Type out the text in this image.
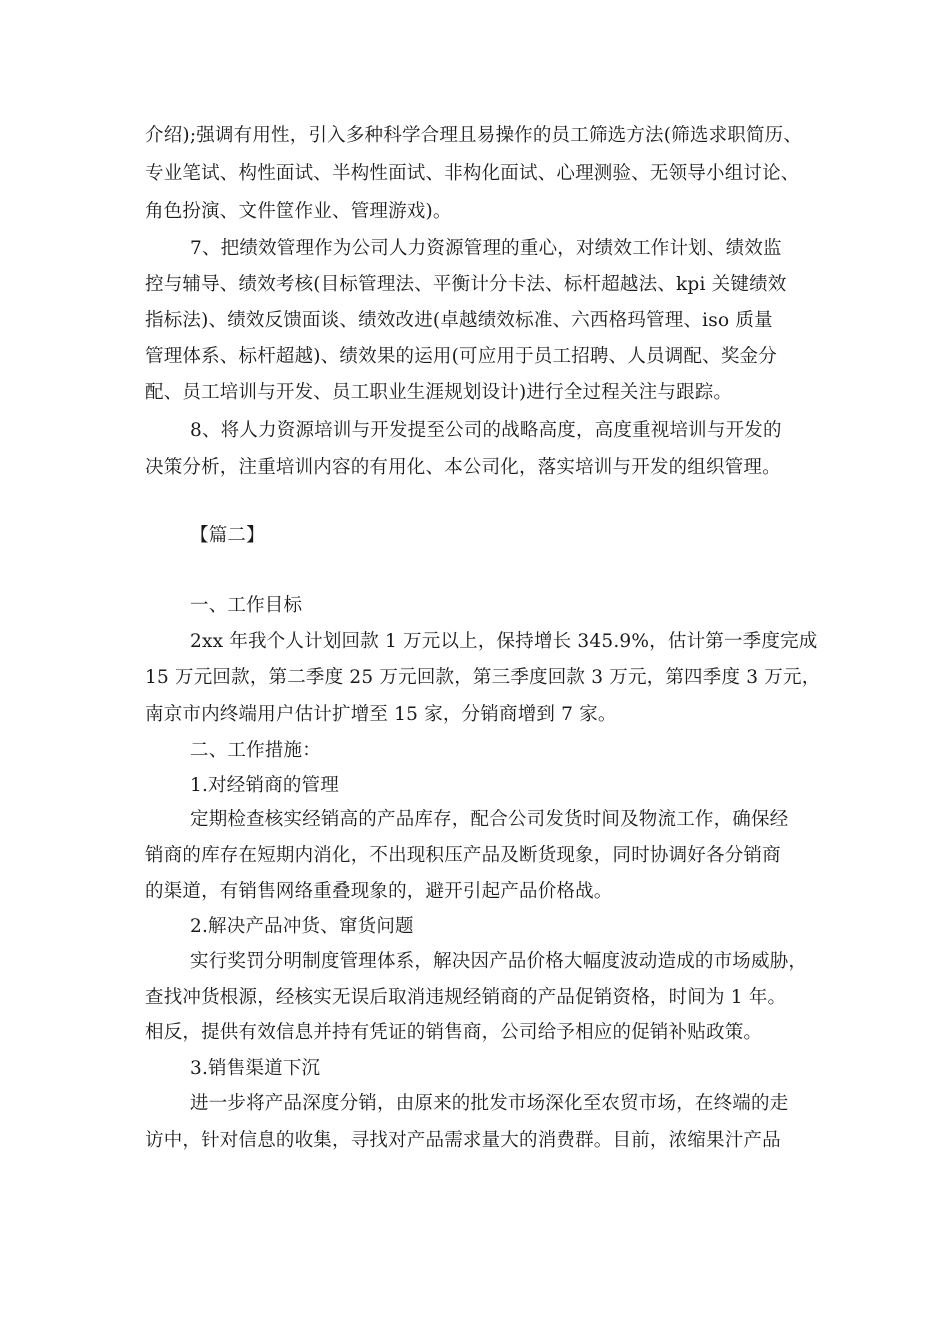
介绍);强调有用性，引入多种科学合理且易操作的员工筛选方法(筛选求职简历、
专业笔试、构性面试、半构性面试、非构化面试、心理测验、无领导小组讨论、
角色扮演、文件筐作业、管理游戏)。
7、把绩效管理作为公司人力资源管理的重心，对绩效工作计划、绩效监
控与辅导、绩效考核(目标管理法、平衡计分卡法、标杆超越法、kpi 关键绩效
指标法)、绩效反馈面谈、绩效改进(卓越绩效标准、六西格玛管理、iso 质量
管理体系、标杆超越)、绩效果的运用(可应用于员工招聘、人员调配、奖金分
配、员工培训与开发、员工职业生涯规划设计)进行全过程关注与跟踪。
8、将人力资源培训与开发提至公司的战略高度，高度重视培训与开发的
决策分析，注重培训内容的有用化、本公司化，落实培训与开发的组织管理。
【篇二】
一、工作目标
2xx 年我个人计划回款 1 万元以上，保持增长 345.9%，估计第一季度完成
15 万元回款，第二季度 25 万元回款，第三季度回款 3 万元，第四季度 3 万元，
南京市内终端用户估计扩增至 15 家，分销商增到 7 家。
二、工作措施：
1.对经销商的管理
定期检查核实经销高的产品库存，配合公司发货时间及物流工作，确保经
销商的库存在短期内消化，不出现积压产品及断货现象，同时协调好各分销商
的渠道，有销售网络重叠现象的，避开引起产品价格战。
2.解决产品冲货、窜货问题
实行奖罚分明制度管理体系，解决因产品价格大幅度波动造成的市场威胁，
查找冲货根源，经核实无误后取消违规经销商的产品促销资格，时间为 1 年。
相反，提供有效信息并持有凭证的销售商，公司给予相应的促销补贴政策。
3.销售渠道下沉
进一步将产品深度分销，由原来的批发市场深化至农贸市场，在终端的走
访中，针对信息的收集，寻找对产品需求量大的消费群。目前，浓缩果汁产品
